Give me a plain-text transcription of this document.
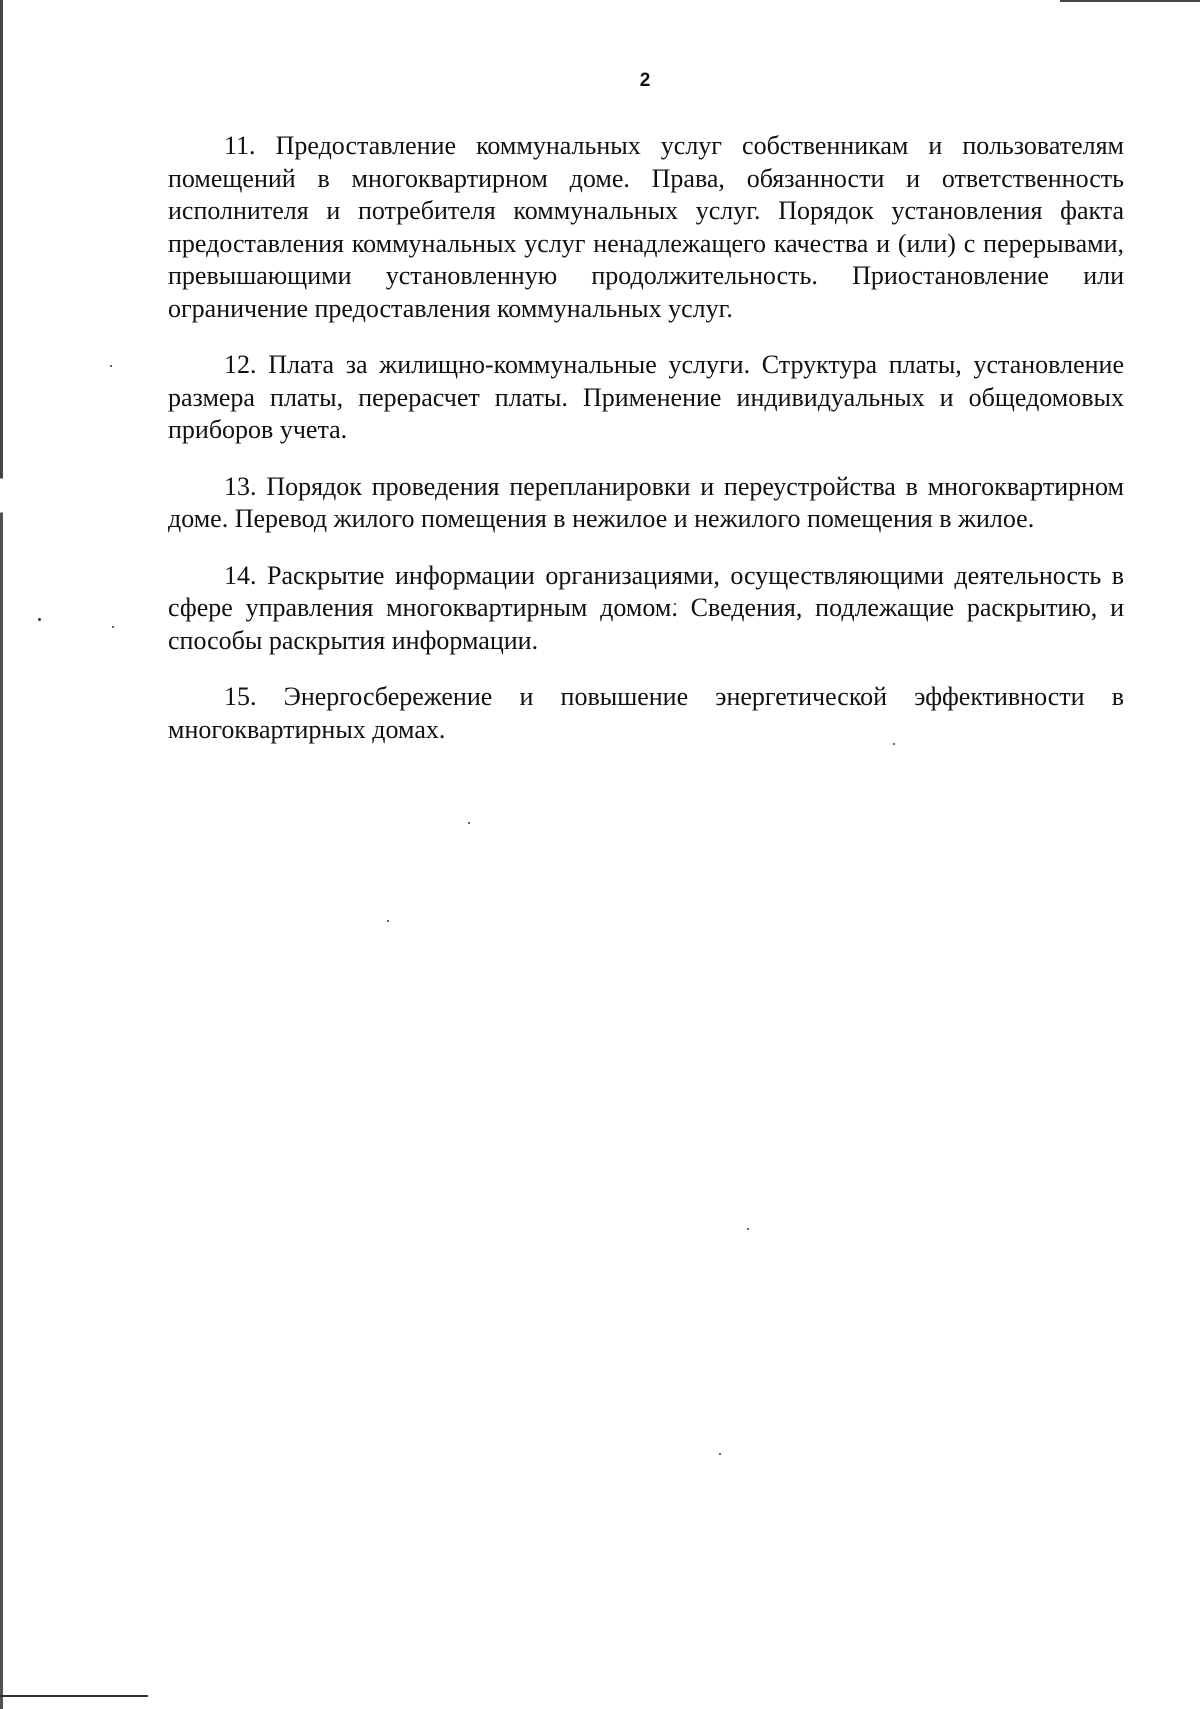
2

11. Предоставление коммунальных услуг собственникам и пользователям помещений в многоквартирном доме. Права, обязанности и ответственность исполнителя и потребителя коммунальных услуг. Порядок установления факта предоставления коммунальных услуг ненадлежащего качества и (или) с перерывами, превышающими установленную продолжительность. Приостановление или ограничение предоставления коммунальных услуг.

12. Плата за жилищно-коммунальные услуги. Структура платы, установление размера платы, перерасчет платы. Применение индивидуальных и общедомовых приборов учета.

13. Порядок проведения перепланировки и переустройства в многоквартирном доме. Перевод жилого помещения в нежилое и нежилого помещения в жилое.

14. Раскрытие информации организациями, осуществляющими деятельность в сфере управления многоквартирным домом. Сведения, подлежащие раскрытию, и способы раскрытия информации.

15. Энергосбережение и повышение энергетической эффективности в многоквартирных домах.
